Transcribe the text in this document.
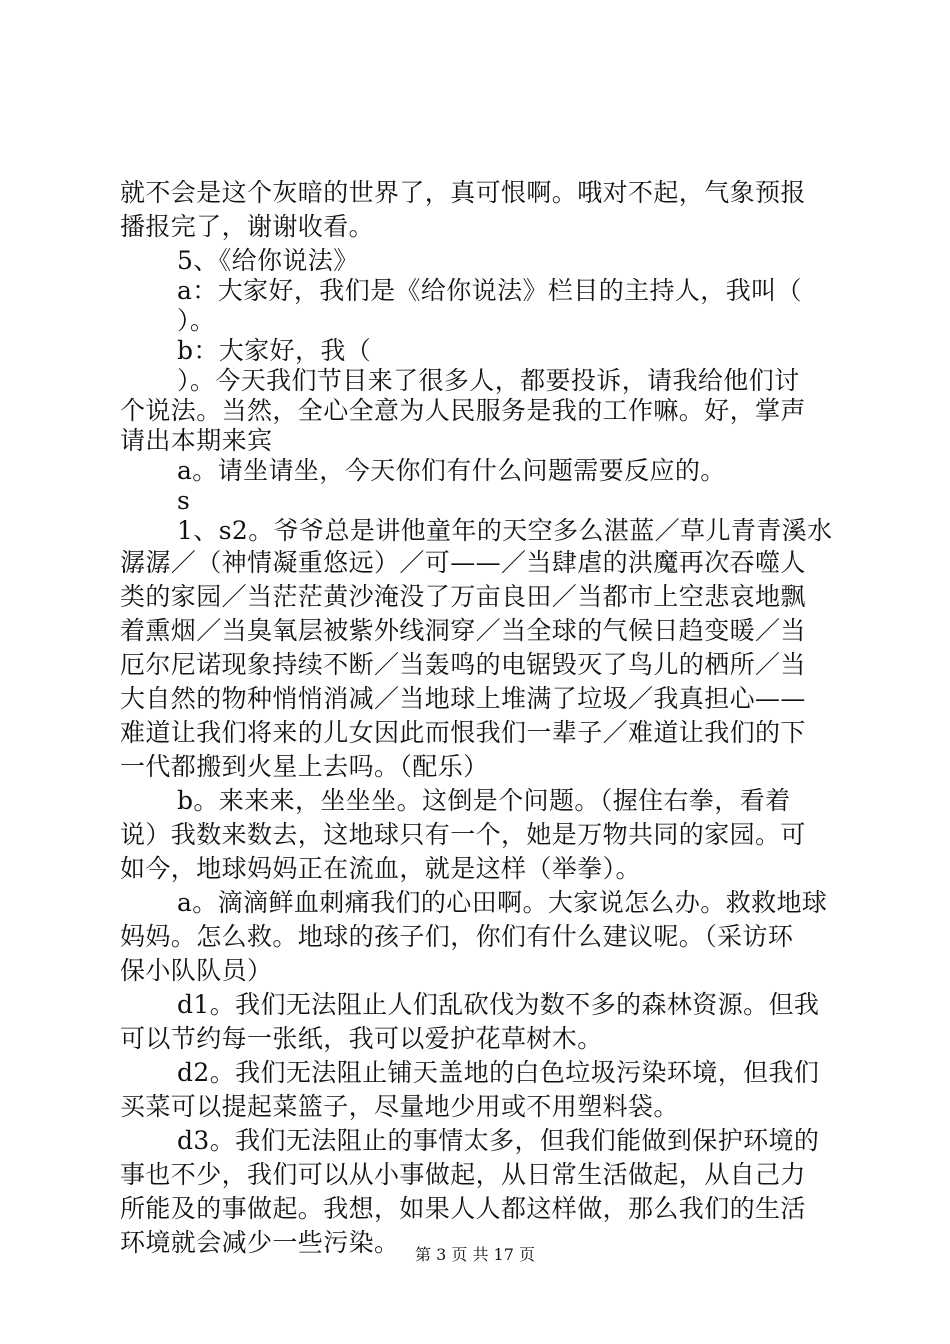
就不会是这个灰暗的世界了，真可恨啊。哦对不起，气象预报
播报完了，谢谢收看。
5、《给你说法》
a：大家好，我们是《给你说法》栏目的主持人，我叫（
）。
b：大家好，我（
）。今天我们节目来了很多人，都要投诉，请我给他们讨
个说法。当然，全心全意为人民服务是我的工作嘛。好，掌声
请出本期来宾
a。请坐请坐，今天你们有什么问题需要反应的。
s
1、s2。爷爷总是讲他童年的天空多么湛蓝／草儿青青溪水
潺潺／（神情凝重悠远）／可——／当肆虐的洪魔再次吞噬人
类的家园／当茫茫黄沙淹没了万亩良田／当都市上空悲哀地飘
着熏烟／当臭氧层被紫外线洞穿／当全球的气候日趋变暖／当
厄尔尼诺现象持续不断／当轰鸣的电锯毁灭了鸟儿的栖所／当
大自然的物种悄悄消减／当地球上堆满了垃圾／我真担心——
难道让我们将来的儿女因此而恨我们一辈子／难道让我们的下
一代都搬到火星上去吗。（配乐）
b。来来来，坐坐坐。这倒是个问题。（握住右拳，看着
说）我数来数去，这地球只有一个，她是万物共同的家园。可
如今，地球妈妈正在流血，就是这样（举拳）。
a。滴滴鲜血刺痛我们的心田啊。大家说怎么办。救救地球
妈妈。怎么救。地球的孩子们，你们有什么建议呢。（采访环
保小队队员）
d1。我们无法阻止人们乱砍伐为数不多的森林资源。但我
可以节约每一张纸，我可以爱护花草树木。
d2。我们无法阻止铺天盖地的白色垃圾污染环境，但我们
买菜可以提起菜篮子，尽量地少用或不用塑料袋。
d3。我们无法阻止的事情太多，但我们能做到保护环境的
事也不少，我们可以从小事做起，从日常生活做起，从自己力
所能及的事做起。我想，如果人人都这样做，那么我们的生活
环境就会减少一些污染。 第 3 页 共 17 页
